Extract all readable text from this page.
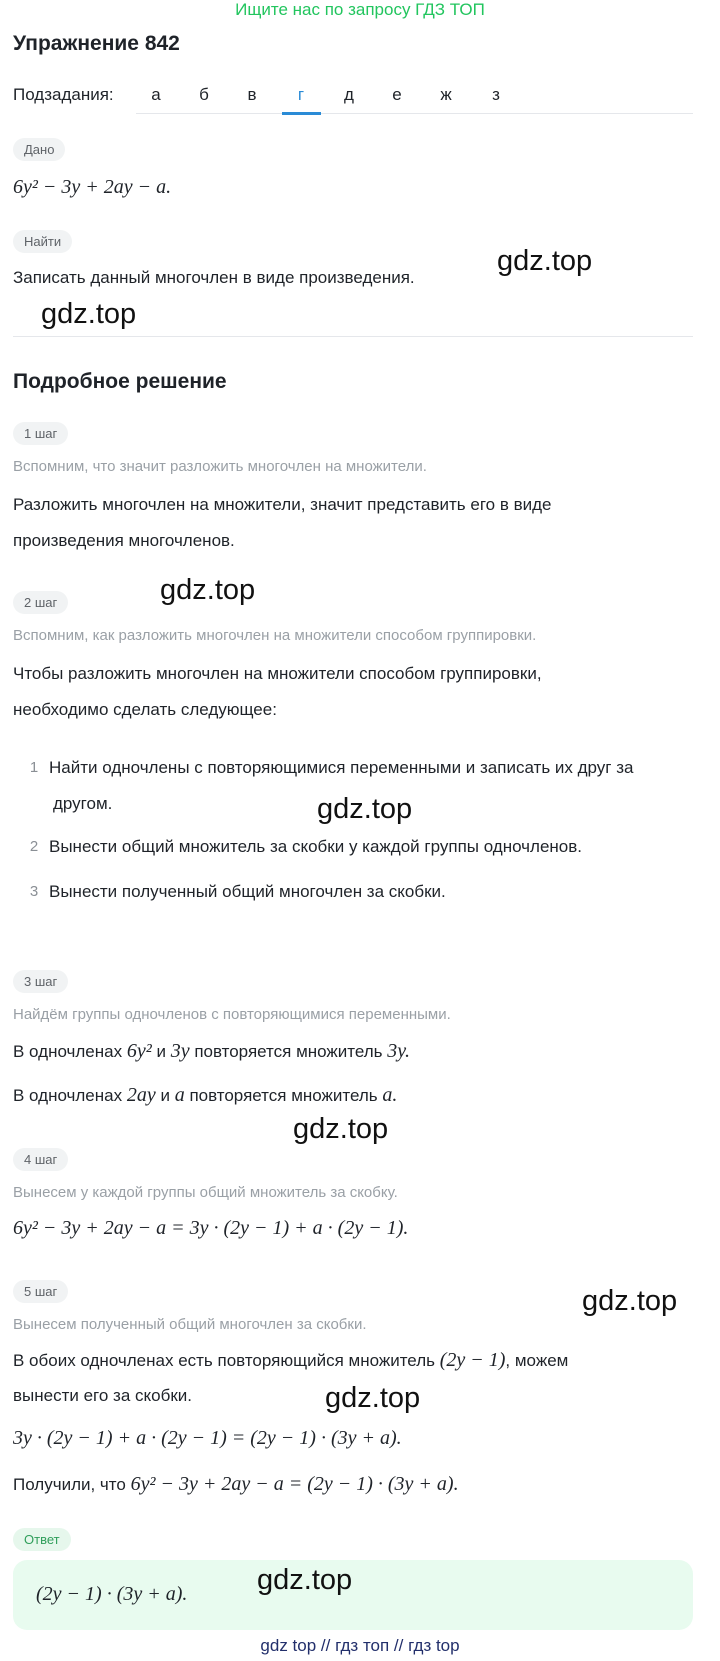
Ищите нас по запросу ГДЗ ТОП
Упражнение 842
Подзадания:	а	б	в	г	д	е	ж	з
Дано
6y² − 3y + 2ay − a.
Найти
Записать данный многочлен в виде произведения.
Подробное решение
1 шаг
Вспомним, что значит разложить многочлен на множители.
Разложить многочлен на множители, значит представить его в виде
произведения многочленов.
2 шаг
Вспомним, как разложить многочлен на множители способом группировки.
Чтобы разложить многочлен на множители способом группировки,
необходимо сделать следующее:
1 Найти одночлены с повторяющимися переменными и записать их друг за
другом.
2 Вынести общий множитель за скобки у каждой группы одночленов.
3 Вынести полученный общий многочлен за скобки.
3 шаг
Найдём группы одночленов с повторяющимися переменными.
В одночленах 6y² и 3y повторяется множитель 3y.
В одночленах 2ay и a повторяется множитель a.
4 шаг
Вынесем у каждой группы общий множитель за скобку.
6y² − 3y + 2ay − a = 3y · (2y − 1) + a · (2y − 1).
5 шаг
Вынесем полученный общий многочлен за скобки.
В обоих одночленах есть повторяющийся множитель (2y − 1), можем
вынести его за скобки.
3y · (2y − 1) + a · (2y − 1) = (2y − 1) · (3y + a).
Получили, что 6y² − 3y + 2ay − a = (2y − 1) · (3y + a).
Ответ
(2y − 1) · (3y + a).
gdz.top
gdz.top
gdz.top
gdz.top
gdz.top
gdz.top
gdz.top
gdz.top
gdz top // гдз топ // гдз top
